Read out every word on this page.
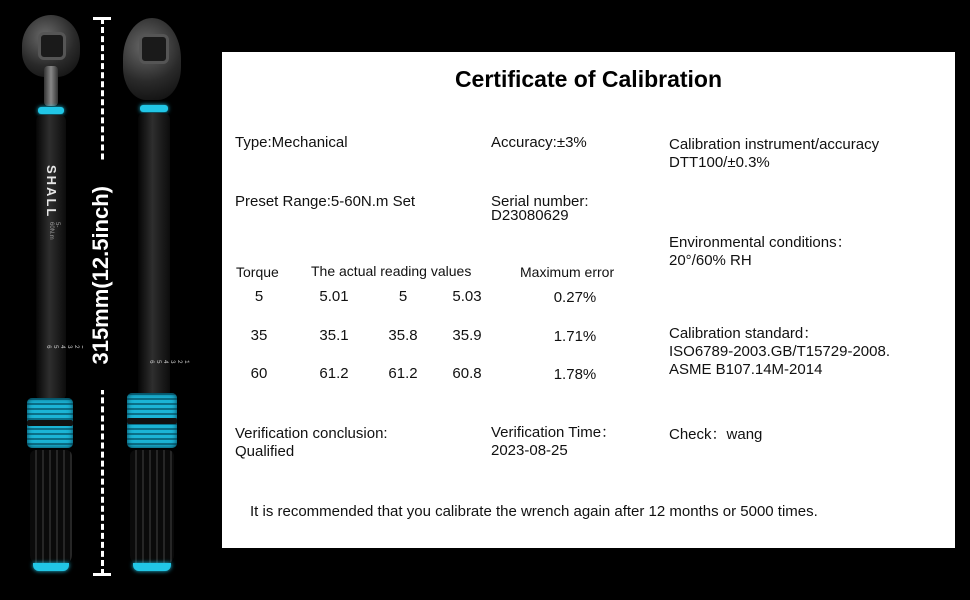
SHALL
5-60N.m
2 3 4 5 6
1 2 3 4 5 6
315mm(12.5inch)
Certificate of Calibration
Type:Mechanical	Accuracy:±3%	Calibration instrument/accuracy
DTT100/±0.3%
Preset Range:5-60N.m Set	Serial number:
D23080629
Environmental conditions：
20°/60% RH
Torque The actual reading values	Maximum error
5	5.01	5	5.03	0.27%
35	35.1	35.8	35.9	1.71%
60	61.2	61.2	60.8	1.78%
Calibration standard：
ISO6789-2003.GB/T15729-2008.
ASME B107.14M-2014
Verification conclusion:
Qualified
Verification Time：
2023-08-25
Check：wang
It is recommended that you calibrate the wrench again after 12 months or 5000 times.
